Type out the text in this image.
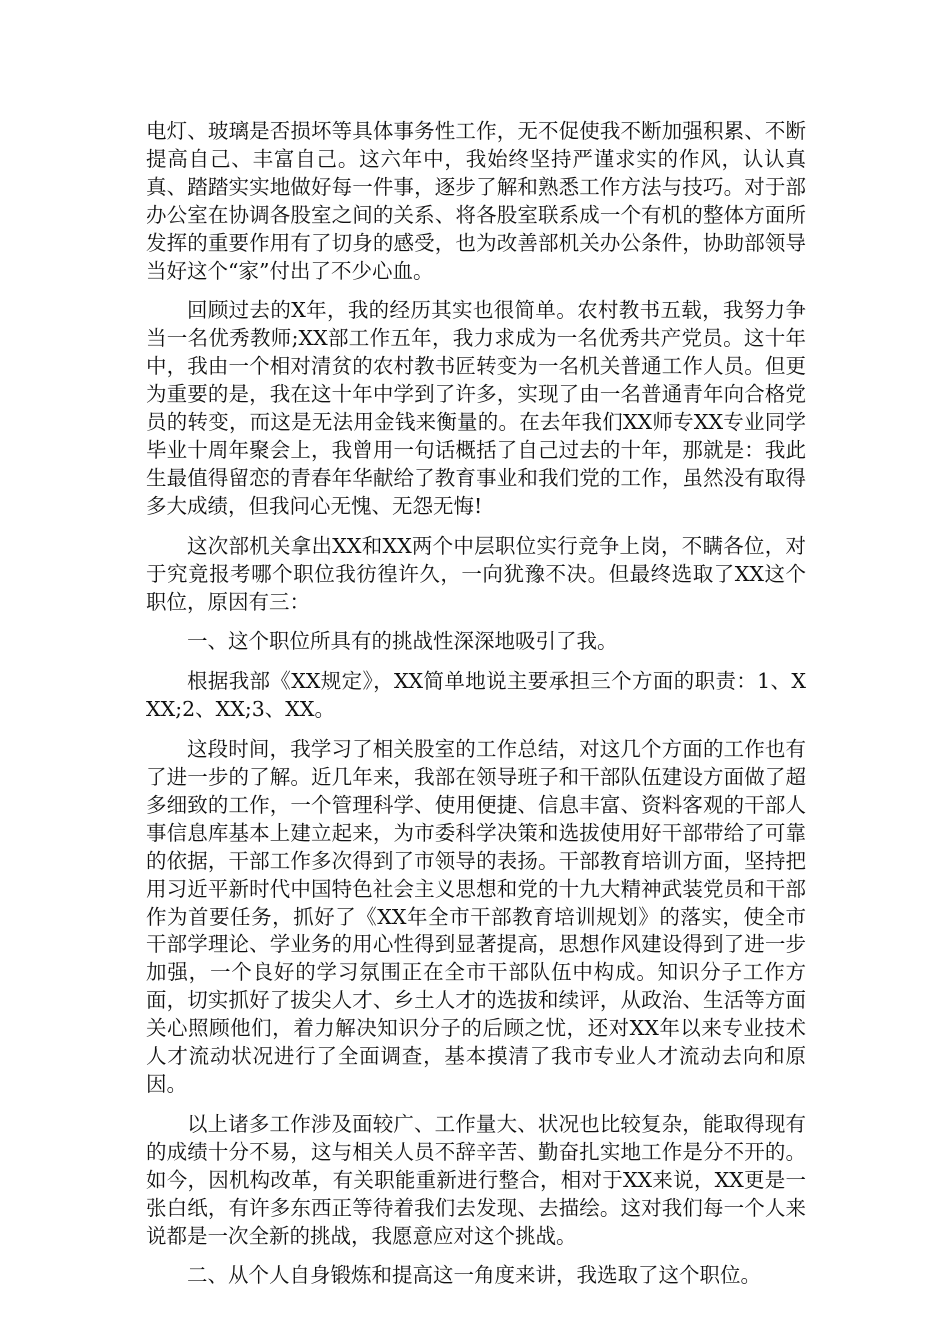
电灯、玻璃是否损坏等具体事务性工作，无不促使我不断加强积累、不断提高自己、丰富自己。这六年中，我始终坚持严谨求实的作风，认认真真、踏踏实实地做好每一件事，逐步了解和熟悉工作方法与技巧。对于部办公室在协调各股室之间的关系、将各股室联系成一个有机的整体方面所发挥的重要作用有了切身的感受，也为改善部机关办公条件，协助部领导当好这个“家”付出了不少心血。

回顾过去的X年，我的经历其实也很简单。农村教书五载，我努力争当一名优秀教师;XX部工作五年，我力求成为一名优秀共产党员。这十年中，我由一个相对清贫的农村教书匠转变为一名机关普通工作人员。但更为重要的是，我在这十年中学到了许多，实现了由一名普通青年向合格党员的转变，而这是无法用金钱来衡量的。在去年我们XX师专XX专业同学毕业十周年聚会上，我曾用一句话概括了自己过去的十年，那就是：我此生最值得留恋的青春年华献给了教育事业和我们党的工作，虽然没有取得多大成绩，但我问心无愧、无怨无悔!

这次部机关拿出XX和XX两个中层职位实行竞争上岗，不瞒各位，对于究竟报考哪个职位我彷徨许久，一向犹豫不决。但最终选取了XX这个职位，原因有三：

一、这个职位所具有的挑战性深深地吸引了我。

根据我部《XX规定》，XX简单地说主要承担三个方面的职责：1、XXX;2、XX;3、XX。

这段时间，我学习了相关股室的工作总结，对这几个方面的工作也有了进一步的了解。近几年来，我部在领导班子和干部队伍建设方面做了超多细致的工作，一个管理科学、使用便捷、信息丰富、资料客观的干部人事信息库基本上建立起来，为市委科学决策和选拔使用好干部带给了可靠的依据，干部工作多次得到了市领导的表扬。干部教育培训方面，坚持把用习近平新时代中国特色社会主义思想和党的十九大精神武装党员和干部作为首要任务，抓好了《XX年全市干部教育培训规划》的落实，使全市干部学理论、学业务的用心性得到显著提高，思想作风建设得到了进一步加强，一个良好的学习氛围正在全市干部队伍中构成。知识分子工作方面，切实抓好了拔尖人才、乡土人才的选拔和续评，从政治、生活等方面关心照顾他们，着力解决知识分子的后顾之忧，还对XX年以来专业技术人才流动状况进行了全面调查，基本摸清了我市专业人才流动去向和原因。

以上诸多工作涉及面较广、工作量大、状况也比较复杂，能取得现有的成绩十分不易，这与相关人员不辞辛苦、勤奋扎实地工作是分不开的。如今，因机构改革，有关职能重新进行整合，相对于XX来说，XX更是一张白纸，有许多东西正等待着我们去发现、去描绘。这对我们每一个人来说都是一次全新的挑战，我愿意应对这个挑战。

二、从个人自身锻炼和提高这一角度来讲，我选取了这个职位。
